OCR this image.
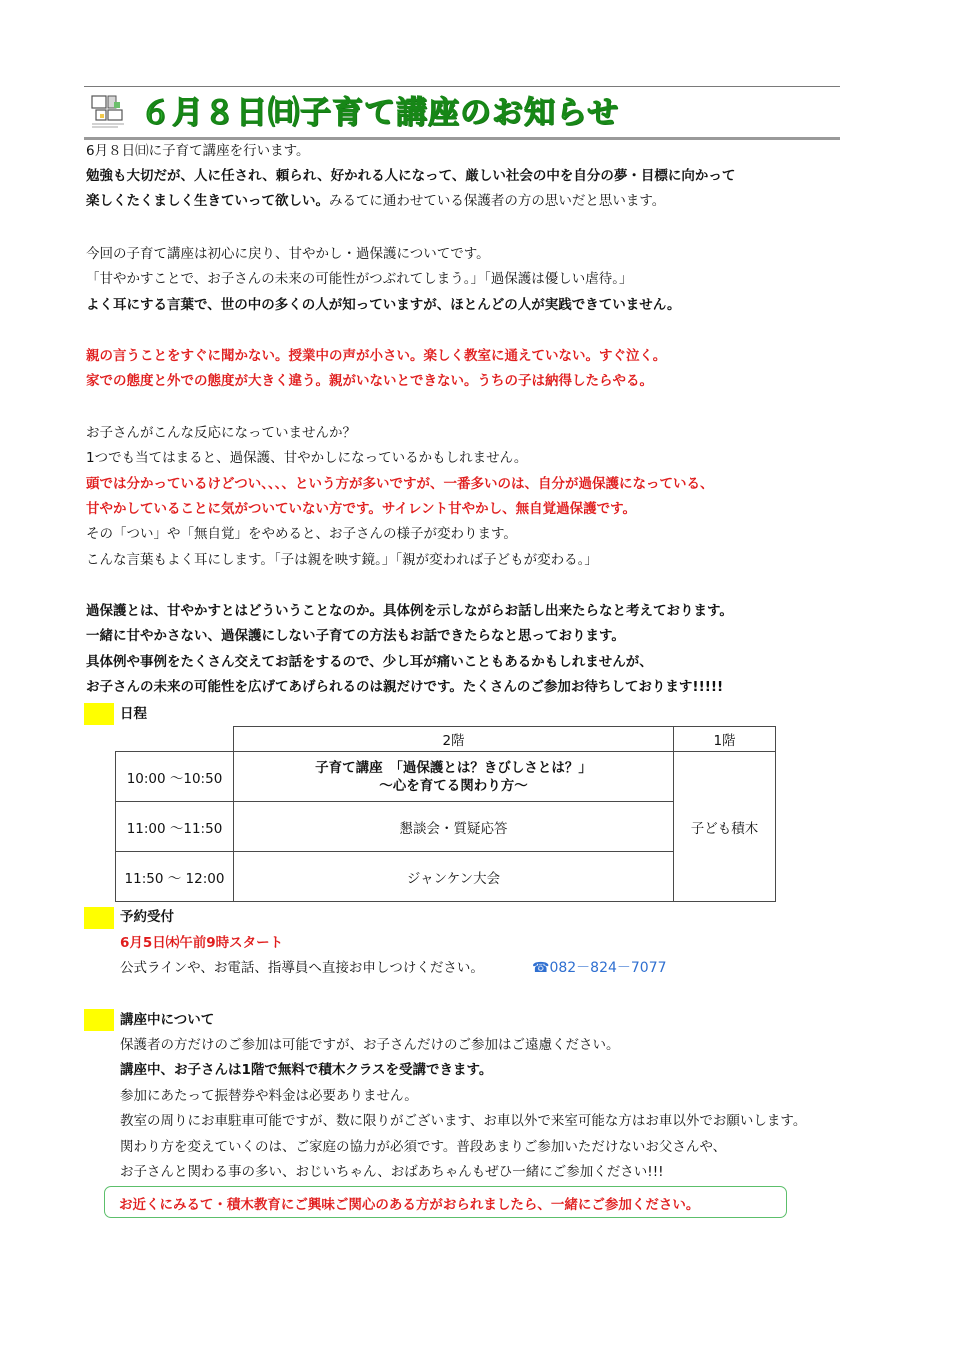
６月８日㈰子育て講座のお知らせ
6月８日㈰に子育て講座を行います。
勉強も大切だが、人に任され、頼られ、好かれる人になって、厳しい社会の中を自分の夢・目標に向かって
楽しくたくましく生きていって欲しい。みるてに通わせている保護者の方の思いだと思います。
今回の子育て講座は初心に戻り、甘やかし・過保護についてです。
「甘やかすことで、お子さんの未来の可能性がつぶれてしまう。」「過保護は優しい虐待。」
よく耳にする言葉で、世の中の多くの人が知っていますが、ほとんどの人が実践できていません。
親の言うことをすぐに聞かない。授業中の声が小さい。楽しく教室に通えていない。すぐ泣く。
家での態度と外での態度が大きく違う。親がいないとできない。うちの子は納得したらやる。
お子さんがこんな反応になっていませんか？
1つでも当てはまると、過保護、甘やかしになっているかもしれません。
頭では分かっているけどつい、、、、という方が多いですが、一番多いのは、自分が過保護になっている、
甘やかしていることに気がついていない方です。サイレント甘やかし、無自覚過保護です。
その「つい」や「無自覚」をやめると、お子さんの様子が変わります。
こんな言葉もよく耳にします。「子は親を映す鏡。」「親が変われば子どもが変わる。」
過保護とは、甘やかすとはどういうことなのか。具体例を示しながらお話し出来たらなと考えております。
一緒に甘やかさない、過保護にしない子育ての方法もお話できたらなと思っております。
具体例や事例をたくさん交えてお話をするので、少し耳が痛いこともあるかもしれませんが、
お子さんの未来の可能性を広げてあげられるのは親だけです。たくさんのご参加お待ちしております!!!!!
日程
	2階	1階
10:00 ～10:50	子育て講座　「過保護とは？きびしさとは？」
～心を育てる関わり方～	子ども積木
11:00 ～11:50	懇談会・質疑応答	
11:50 ～ 12:00	ジャンケン大会	
予約受付
6月5日㈭午前9時スタート
公式ラインや、お電話、指導員へ直接お申しつけください。	☎082－824－7077
講座中について
保護者の方だけのご参加は可能ですが、お子さんだけのご参加はご遠慮ください。
講座中、お子さんは1階で無料で積木クラスを受講できます。
参加にあたって振替券や料金は必要ありません。
教室の周りにお車駐車可能ですが、数に限りがございます、お車以外で来室可能な方はお車以外でお願いします。
関わり方を変えていくのは、ご家庭の協力が必須です。普段あまりご参加いただけないお父さんや、
お子さんと関わる事の多い、おじいちゃん、おばあちゃんもぜひ一緒にご参加ください!!!
お近くにみるて・積木教育にご興味ご関心のある方がおられましたら、一緒にご参加ください。
